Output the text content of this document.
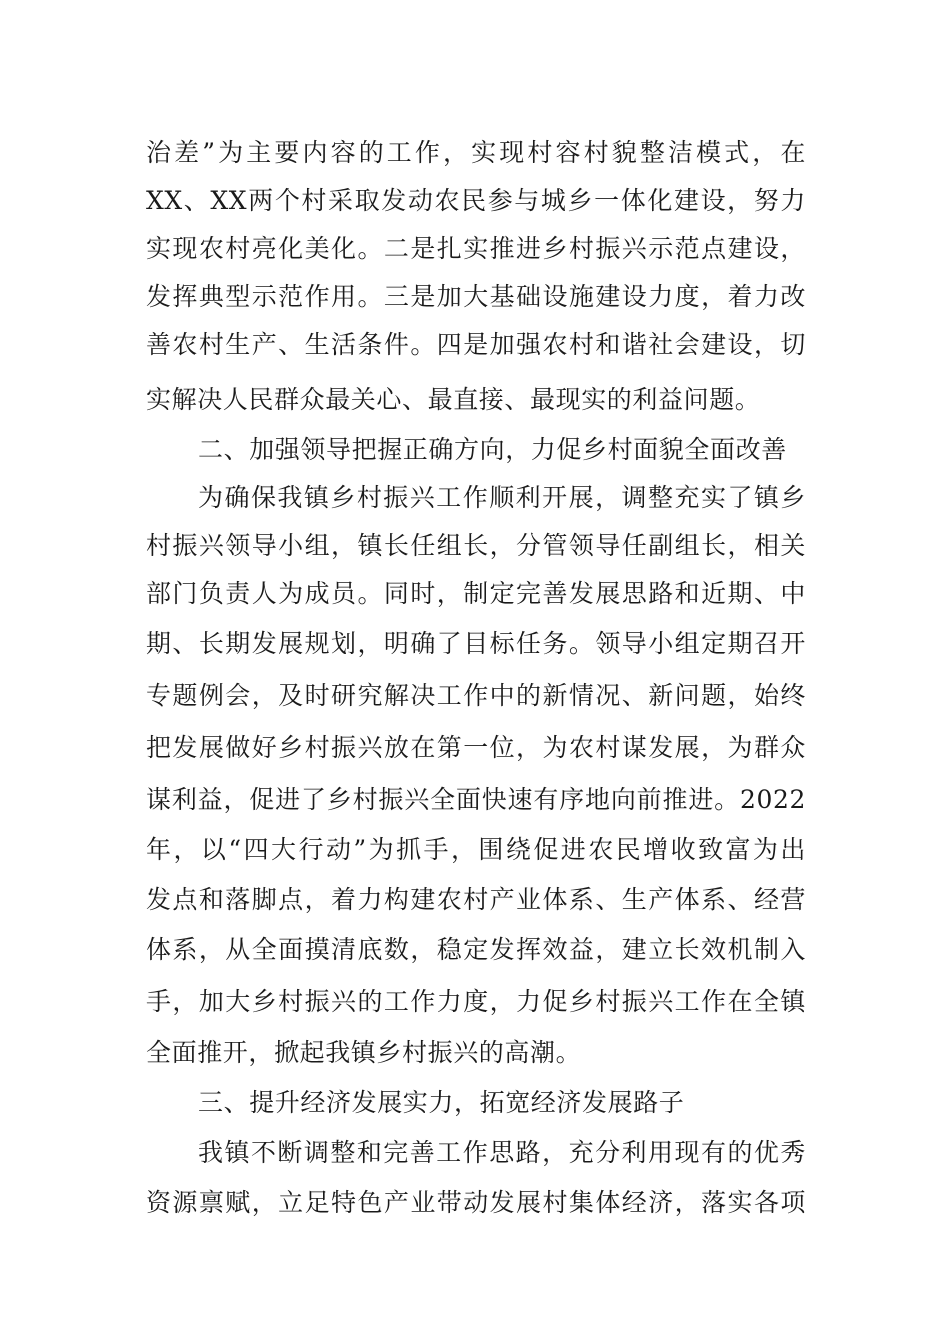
治差”为主要内容的工作，实现村容村貌整洁模式，在
XX、XX两个村采取发动农民参与城乡一体化建设，努力
实现农村亮化美化。二是扎实推进乡村振兴示范点建设，
发挥典型示范作用。三是加大基础设施建设力度，着力改
善农村生产、生活条件。四是加强农村和谐社会建设，切
实解决人民群众最关心、最直接、最现实的利益问题。
二、加强领导把握正确方向，力促乡村面貌全面改善
为确保我镇乡村振兴工作顺利开展，调整充实了镇乡
村振兴领导小组，镇长任组长，分管领导任副组长，相关
部门负责人为成员。同时，制定完善发展思路和近期、中
期、长期发展规划，明确了目标任务。领导小组定期召开
专题例会，及时研究解决工作中的新情况、新问题，始终
把发展做好乡村振兴放在第一位，为农村谋发展，为群众
谋利益，促进了乡村振兴全面快速有序地向前推进。2022
年，以“四大行动”为抓手，围绕促进农民增收致富为出
发点和落脚点，着力构建农村产业体系、生产体系、经营
体系，从全面摸清底数，稳定发挥效益，建立长效机制入
手，加大乡村振兴的工作力度，力促乡村振兴工作在全镇
全面推开，掀起我镇乡村振兴的高潮。
三、提升经济发展实力，拓宽经济发展路子
我镇不断调整和完善工作思路，充分利用现有的优秀
资源禀赋，立足特色产业带动发展村集体经济，落实各项
